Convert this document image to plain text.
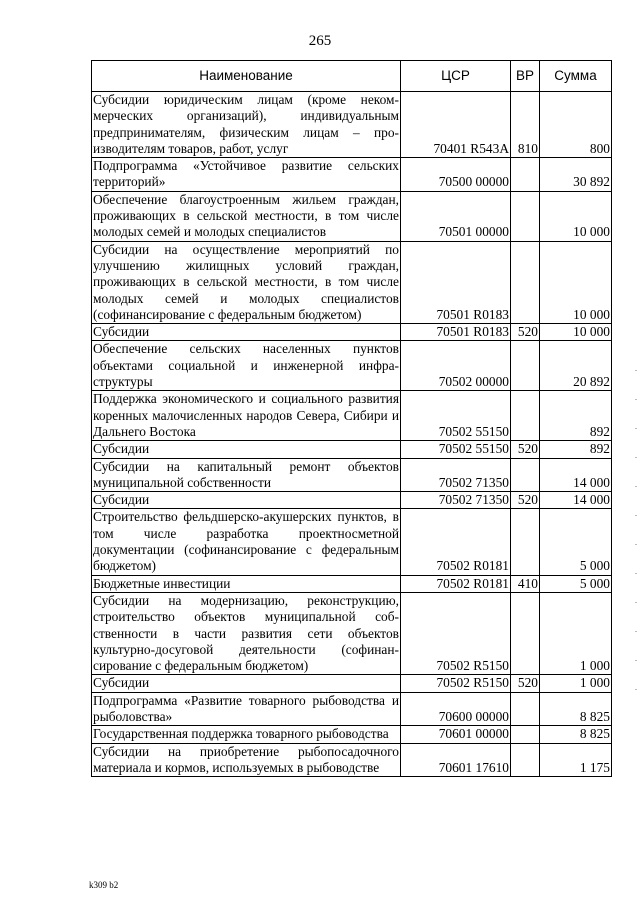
265
Наименование	ЦСР	ВР	Сумма
Субсидии юридическим лицам (кроме некоммерческих организаций), индивидуальным предпринимателям, физическим лицам – производителям товаров, работ, услуг	70401 R543A	810	800
Подпрограмма «Устойчивое развитие сельских территорий»	70500 00000		30 892
Обеспечение благоустроенным жильем граждан, проживающих в сельской местности, в том числе молодых семей и молодых специалистов	70501 00000		10 000
Субсидии на осуществление мероприятий по улучшению жилищных условий граждан, проживающих в сельской местности, в том числе молодых семей и молодых специалистов (софинансирование с федеральным бюджетом)	70501 R0183		10 000
Субсидии	70501 R0183	520	10 000
Обеспечение сельских населенных пунктов объектами социальной и инженерной инфраструктуры	70502 00000		20 892
Поддержка экономического и социального развития коренных малочисленных народов Севера, Сибири и Дальнего Востока	70502 55150		892
Субсидии	70502 55150	520	892
Субсидии на капитальный ремонт объектов муниципальной собственности	70502 71350		14 000
Субсидии	70502 71350	520	14 000
Строительство фельдшерско-акушерских пунктов, в том числе разработка проектносметной документации (софинансирование с федеральным бюджетом)	70502 R0181		5 000
Бюджетные инвестиции	70502 R0181	410	5 000
Субсидии на модернизацию, реконструкцию, строительство объектов муниципальной собственности в части развития сети объектов культурно-досуговой деятельности (софинансирование с федеральным бюджетом)	70502 R5150		1 000
Субсидии	70502 R5150	520	1 000
Подпрограмма «Развитие товарного рыбоводства и рыболовства»	70600 00000		8 825
Государственная поддержка товарного рыбоводства	70601 00000		8 825
Субсидии на приобретение рыбопосадочного материала и кормов, используемых в рыбоводстве	70601 17610		1 175
k309 b2
